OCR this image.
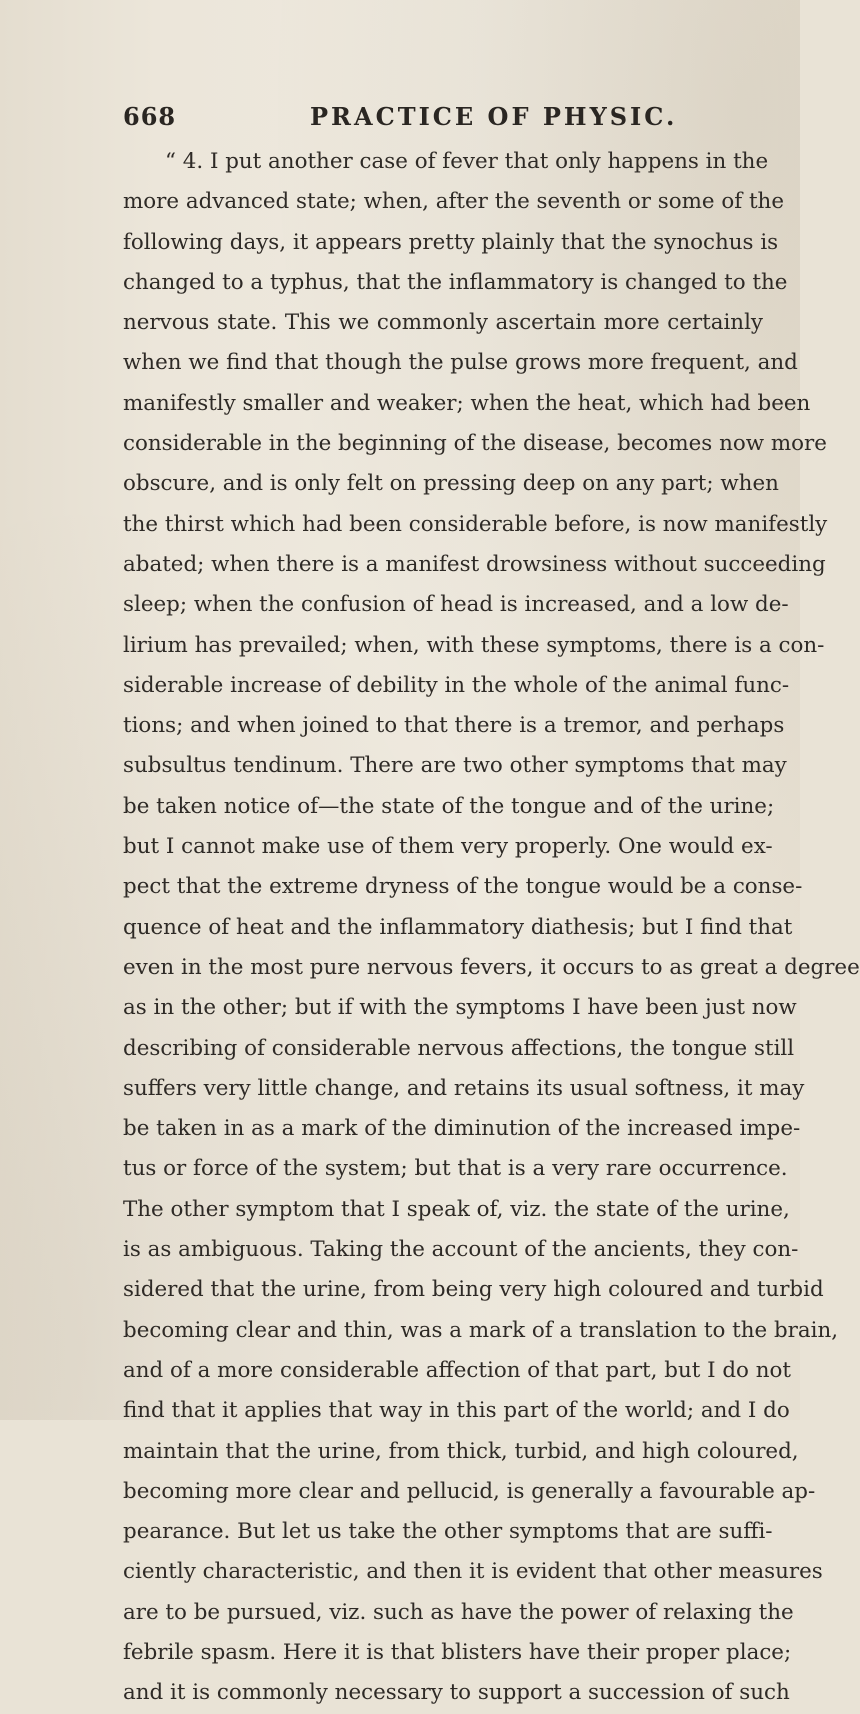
668	PRACTICE OF PHYSIC.
“ 4. I put another case of fever that only happens in the
more advanced state; when, after the seventh or some of the
following days, it appears pretty plainly that the synochus is
changed to a typhus, that the inflammatory is changed to the
nervous state. This we commonly ascertain more certainly
when we find that though the pulse grows more frequent, and
manifestly smaller and weaker; when the heat, which had been
considerable in the beginning of the disease, becomes now more
obscure, and is only felt on pressing deep on any part; when
the thirst which had been considerable before, is now manifestly
abated; when there is a manifest drowsiness without succeeding
sleep; when the confusion of head is increased, and a low de-
lirium has prevailed; when, with these symptoms, there is a con-
siderable increase of debility in the whole of the animal func-
tions; and when joined to that there is a tremor, and perhaps
subsultus tendinum. There are two other symptoms that may
be taken notice of—the state of the tongue and of the urine;
but I cannot make use of them very properly. One would ex-
pect that the extreme dryness of the tongue would be a conse-
quence of heat and the inflammatory diathesis; but I find that
even in the most pure nervous fevers, it occurs to as great a degree
as in the other; but if with the symptoms I have been just now
describing of considerable nervous affections, the tongue still
suffers very little change, and retains its usual softness, it may
be taken in as a mark of the diminution of the increased impe-
tus or force of the system; but that is a very rare occurrence.
The other symptom that I speak of, viz. the state of the urine,
is as ambiguous. Taking the account of the ancients, they con-
sidered that the urine, from being very high coloured and turbid
becoming clear and thin, was a mark of a translation to the brain,
and of a more considerable affection of that part, but I do not
find that it applies that way in this part of the world; and I do
maintain that the urine, from thick, turbid, and high coloured,
becoming more clear and pellucid, is generally a favourable ap-
pearance. But let us take the other symptoms that are suffi-
ciently characteristic, and then it is evident that other measures
are to be pursued, viz. such as have the power of relaxing the
febrile spasm. Here it is that blisters have their proper place;
and it is commonly necessary to support a succession of such
